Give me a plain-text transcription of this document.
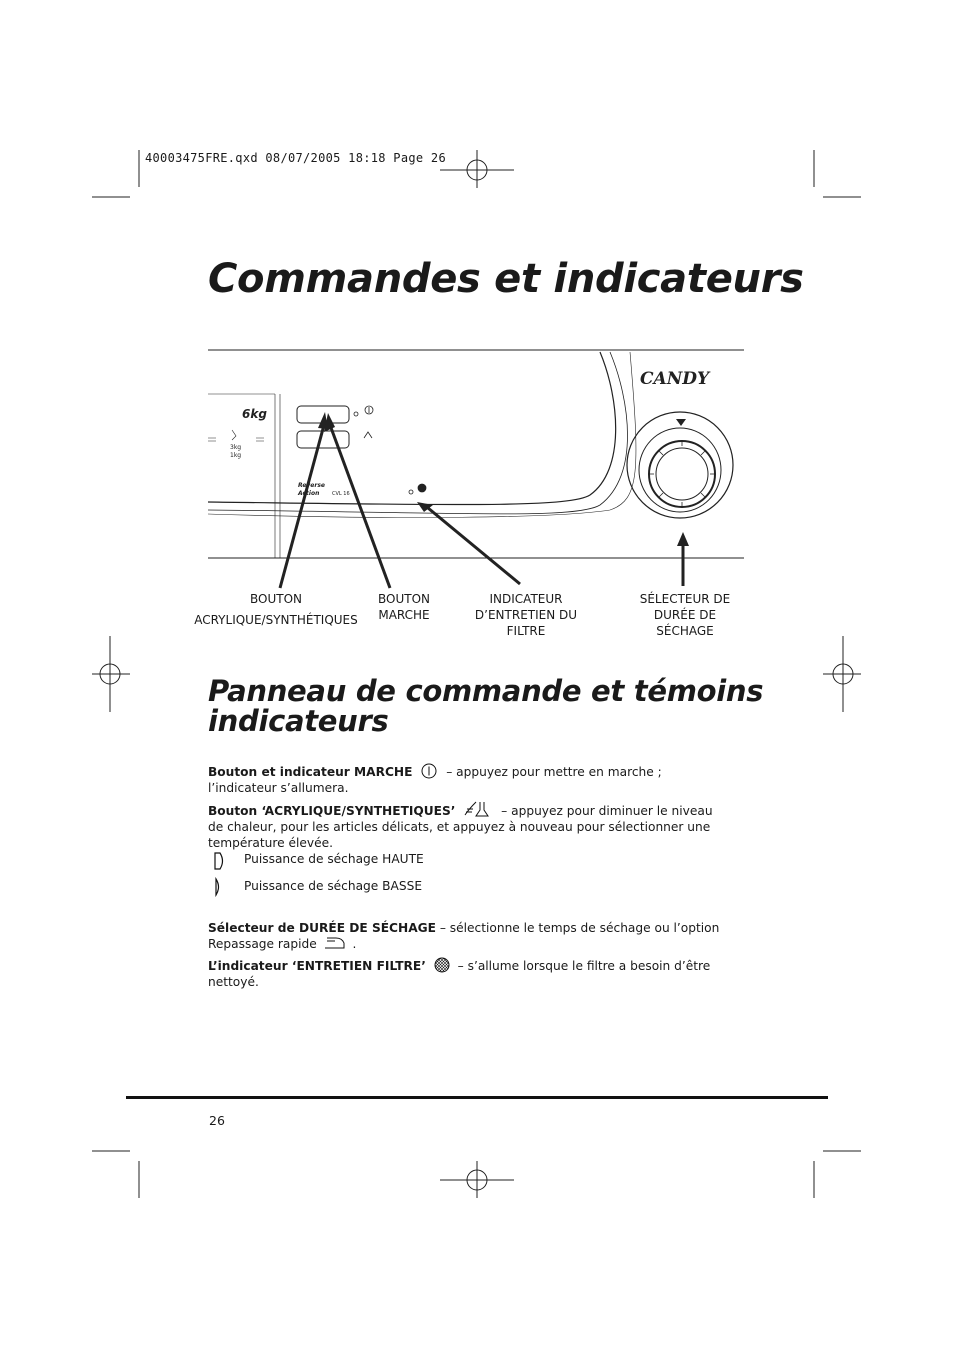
40003475FRE.qxd 08/07/2005 18:18 Page 26
Commandes et indicateurs
CANDY
6kg
3kg
1kg
Reverse
Action	CVL 16
BOUTON
ACRYLIQUE/SYNTHÉTIQUES
BOUTON
MARCHE
INDICATEUR
D’ENTRETIEN DU
FILTRE
SÉLECTEUR DE
DURÉE DE
SÉCHAGE
Panneau de commande et témoins indicateurs
Bouton et indicateur MARCHE	– appuyez pour mettre en marche ; l’indicateur s’allumera.
Bouton ‘ACRYLIQUE/SYNTHETIQUES’	– appuyez pour diminuer le niveau de chaleur, pour les articles délicats, et appuyez à nouveau pour sélectionner une température élevée.
Puissance de séchage HAUTE
Puissance de séchage BASSE
Sélecteur de DURÉE DE SÉCHAGE – sélectionne le temps de séchage ou l’option Repassage rapide	.
L’indicateur ‘ENTRETIEN FILTRE’	– s’allume lorsque le filtre a besoin d’être nettoyé.
26
